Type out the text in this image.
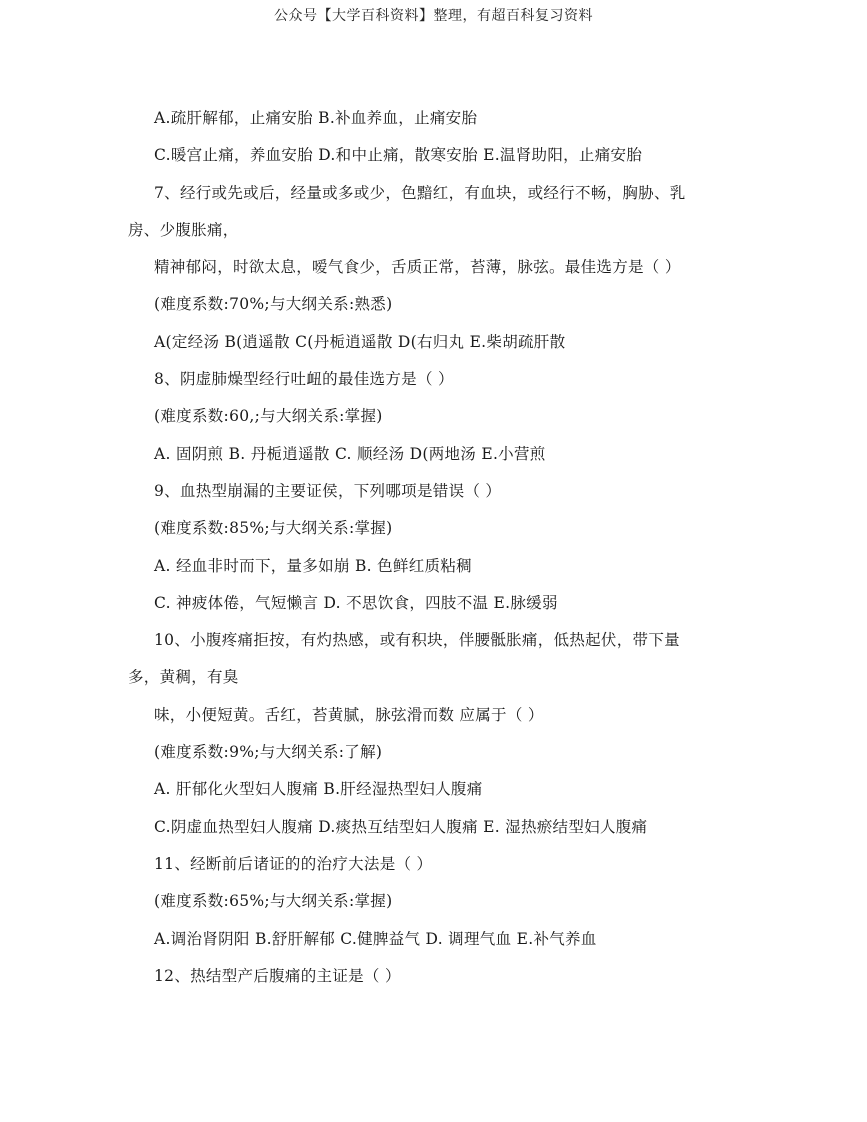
公众号【大学百科资料】整理，有超百科复习资料
A.疏肝解郁，止痛安胎 B.补血养血，止痛安胎
C.暖宫止痛，养血安胎 D.和中止痛，散寒安胎 E.温肾助阳，止痛安胎
7、经行或先或后，经量或多或少，色黯红，有血块，或经行不畅，胸胁、乳
房、少腹胀痛，
精神郁闷，时欲太息，嗳气食少，舌质正常，苔薄，脉弦。最佳选方是（ ）
(难度系数:70%;与大纲关系:熟悉)
A(定经汤 B(逍遥散 C(丹栀逍遥散 D(右归丸 E.柴胡疏肝散
8、阴虚肺燥型经行吐衄的最佳选方是（ ）
(难度系数:60,;与大纲关系:掌握)
A. 固阴煎 B. 丹栀逍遥散 C. 顺经汤 D(两地汤 E.小营煎
9、血热型崩漏的主要证侯，下列哪项是错误（ ）
(难度系数:85%;与大纲关系:掌握)
A. 经血非时而下，量多如崩 B. 色鲜红质粘稠
C. 神疲体倦，气短懒言 D. 不思饮食，四肢不温 E.脉缓弱
10、小腹疼痛拒按，有灼热感，或有积块，伴腰骶胀痛，低热起伏，带下量
多，黄稠，有臭
味，小便短黄。舌红，苔黄腻，脉弦滑而数 应属于（ ）
(难度系数:9%;与大纲关系:了解)
A. 肝郁化火型妇人腹痛 B.肝经湿热型妇人腹痛
C.阴虚血热型妇人腹痛 D.痰热互结型妇人腹痛 E. 湿热瘀结型妇人腹痛
11、经断前后诸证的的治疗大法是（ ）
(难度系数:65%;与大纲关系:掌握)
A.调治肾阴阳 B.舒肝解郁 C.健脾益气 D. 调理气血 E.补气养血
12、热结型产后腹痛的主证是（ ）
